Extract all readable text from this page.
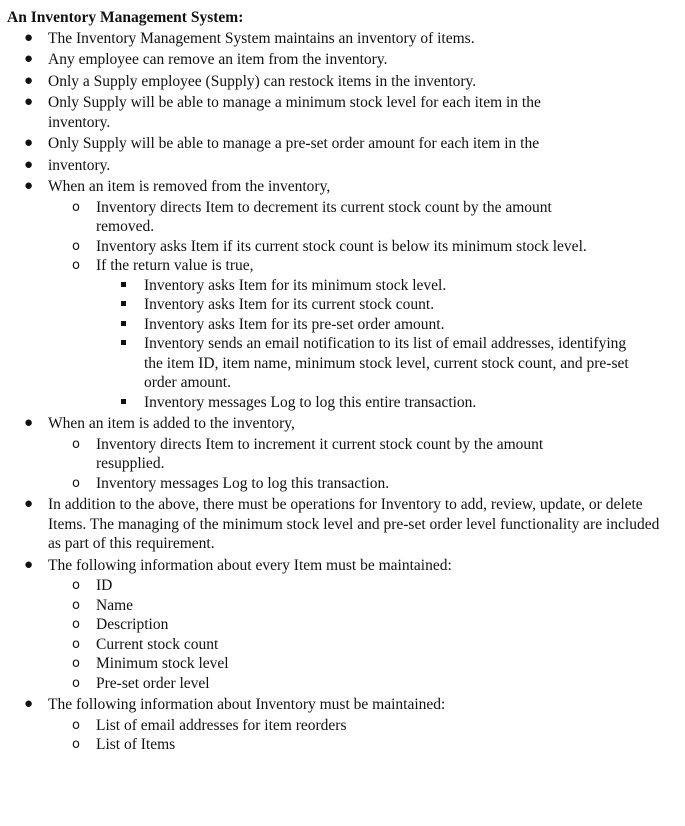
An Inventory Management System:
● The Inventory Management System maintains an inventory of items.
● Any employee can remove an item from the inventory.
● Only a Supply employee (Supply) can restock items in the inventory.
● Only Supply will be able to manage a minimum stock level for each item in the inventory.
● Only Supply will be able to manage a pre-set order amount for each item in the
● inventory.
● When an item is removed from the inventory,
o Inventory directs Item to decrement its current stock count by the amount removed.
o Inventory asks Item if its current stock count is below its minimum stock level.
o If the return value is true,
Inventory asks Item for its minimum stock level.
Inventory asks Item for its current stock count.
Inventory asks Item for its pre-set order amount.
Inventory sends an email notification to its list of email addresses, identifying the item ID, item name, minimum stock level, current stock count, and pre-set order amount.
Inventory messages Log to log this entire transaction.
● When an item is added to the inventory,
o Inventory directs Item to increment it current stock count by the amount resupplied.
o Inventory messages Log to log this transaction.
● In addition to the above, there must be operations for Inventory to add, review, update, or delete Items. The managing of the minimum stock level and pre-set order level functionality are included as part of this requirement.
● The following information about every Item must be maintained:
o ID
o Name
o Description
o Current stock count
o Minimum stock level
o Pre-set order level
● The following information about Inventory must be maintained:
o List of email addresses for item reorders
o List of Items
